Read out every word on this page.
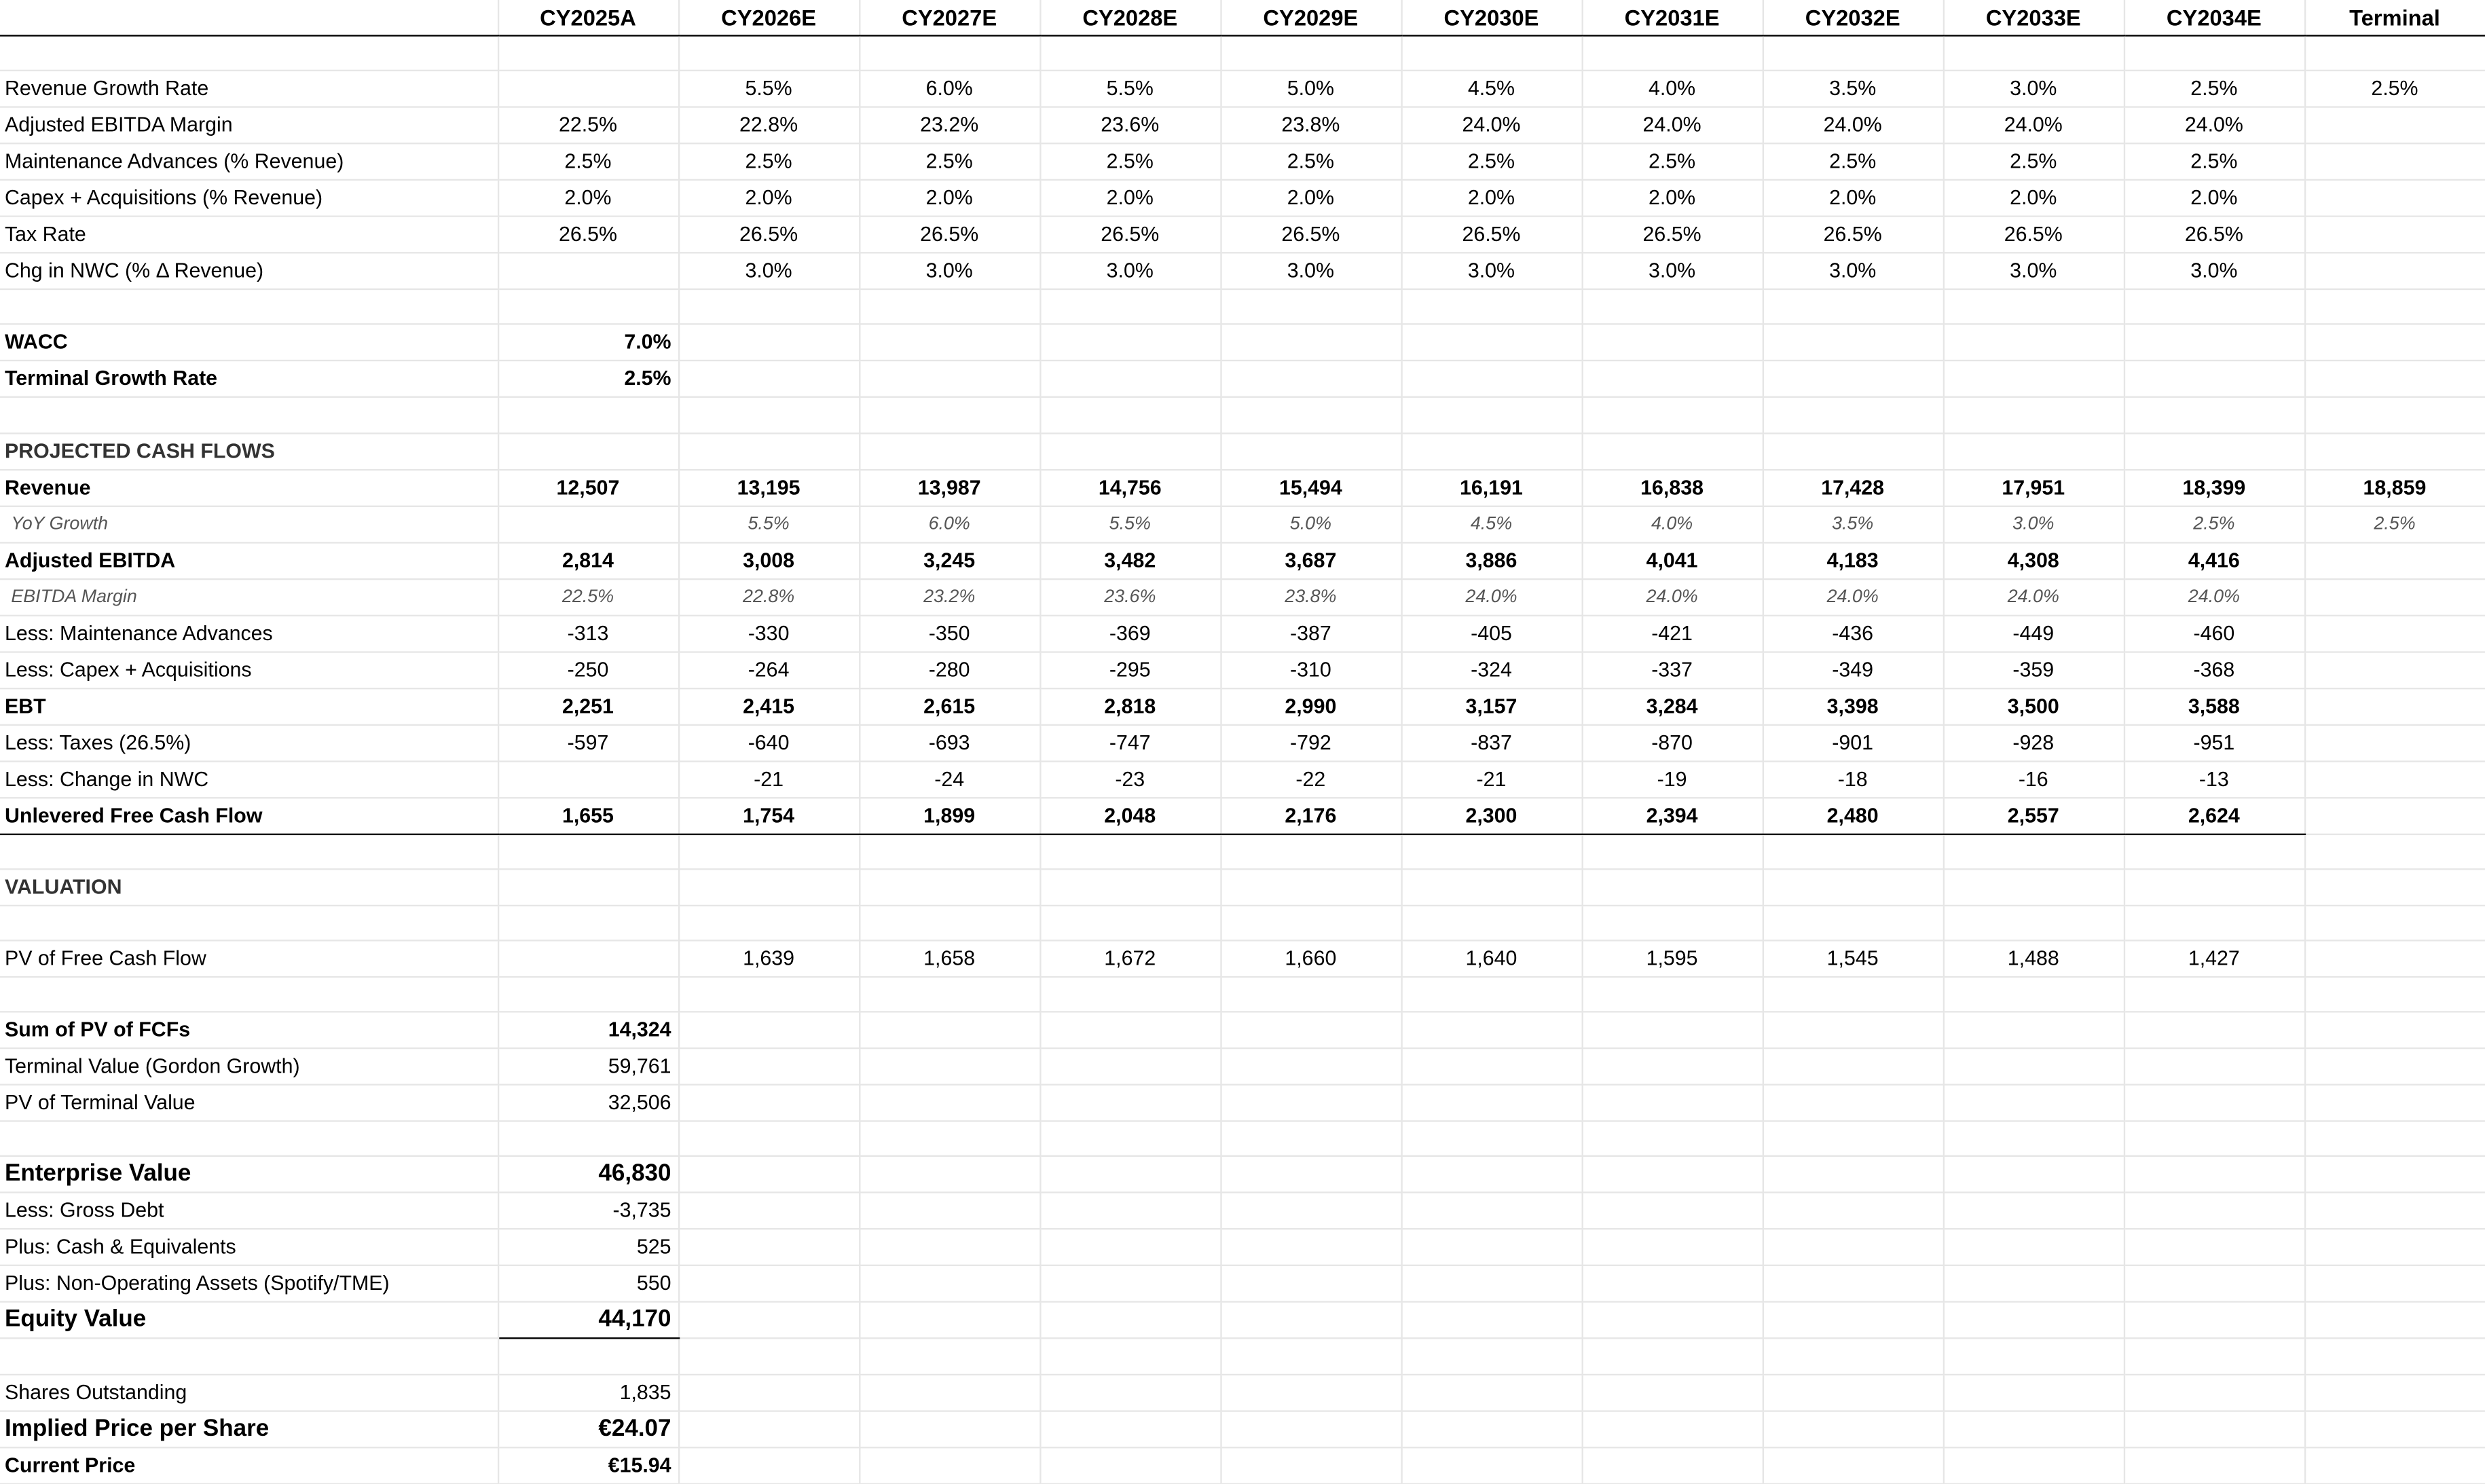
	CY2025A	CY2026E	CY2027E	CY2028E	CY2029E	CY2030E	CY2031E	CY2032E	CY2033E	CY2034E	Terminal

Revenue Growth Rate		5.5%	6.0%	5.5%	5.0%	4.5%	4.0%	3.5%	3.0%	2.5%	2.5%
Adjusted EBITDA Margin	22.5%	22.8%	23.2%	23.6%	23.8%	24.0%	24.0%	24.0%	24.0%	24.0%	
Maintenance Advances (% Revenue)	2.5%	2.5%	2.5%	2.5%	2.5%	2.5%	2.5%	2.5%	2.5%	2.5%	
Capex + Acquisitions (% Revenue)	2.0%	2.0%	2.0%	2.0%	2.0%	2.0%	2.0%	2.0%	2.0%	2.0%	
Tax Rate	26.5%	26.5%	26.5%	26.5%	26.5%	26.5%	26.5%	26.5%	26.5%	26.5%	
Chg in NWC (% Δ Revenue)		3.0%	3.0%	3.0%	3.0%	3.0%	3.0%	3.0%	3.0%	3.0%	

WACC	7.0%										
Terminal Growth Rate	2.5%										

PROJECTED CASH FLOWS											
Revenue	12,507	13,195	13,987	14,756	15,494	16,191	16,838	17,428	17,951	18,399	18,859
YoY Growth		5.5%	6.0%	5.5%	5.0%	4.5%	4.0%	3.5%	3.0%	2.5%	2.5%
Adjusted EBITDA	2,814	3,008	3,245	3,482	3,687	3,886	4,041	4,183	4,308	4,416	
EBITDA Margin	22.5%	22.8%	23.2%	23.6%	23.8%	24.0%	24.0%	24.0%	24.0%	24.0%	
Less: Maintenance Advances	-313	-330	-350	-369	-387	-405	-421	-436	-449	-460	
Less: Capex + Acquisitions	-250	-264	-280	-295	-310	-324	-337	-349	-359	-368	
EBT	2,251	2,415	2,615	2,818	2,990	3,157	3,284	3,398	3,500	3,588	
Less: Taxes (26.5%)	-597	-640	-693	-747	-792	-837	-870	-901	-928	-951	
Less: Change in NWC		-21	-24	-23	-22	-21	-19	-18	-16	-13	
Unlevered Free Cash Flow	1,655	1,754	1,899	2,048	2,176	2,300	2,394	2,480	2,557	2,624	

VALUATION											

PV of Free Cash Flow		1,639	1,658	1,672	1,660	1,640	1,595	1,545	1,488	1,427	

Sum of PV of FCFs	14,324										
Terminal Value (Gordon Growth)	59,761										
PV of Terminal Value	32,506										

Enterprise Value	46,830										
Less: Gross Debt	-3,735										
Plus: Cash & Equivalents	525										
Plus: Non-Operating Assets (Spotify/TME)	550										
Equity Value	44,170										

Shares Outstanding	1,835										
Implied Price per Share	€24.07										
Current Price	€15.94										
